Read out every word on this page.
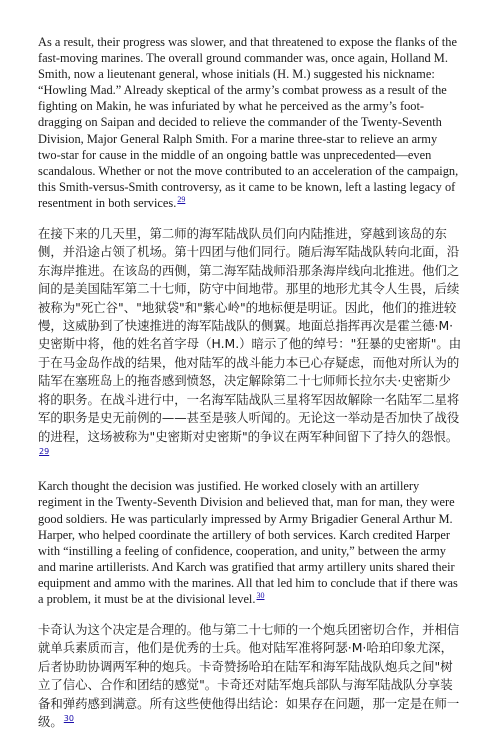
As a result, their progress was slower, and that threatened to expose the flanks of the fast-moving marines. The overall ground commander was, once again, Holland M. Smith, now a lieutenant general, whose initials (H. M.) suggested his nickname: “Howling Mad.” Already skeptical of the army’s combat prowess as a result of the fighting on Makin, he was infuriated by what he perceived as the army’s foot-dragging on Saipan and decided to relieve the commander of the Twenty-Seventh Division, Major General Ralph Smith. For a marine three-star to relieve an army two-star for cause in the middle of an ongoing battle was unprecedented—even scandalous. Whether or not the move contributed to an acceleration of the campaign, this Smith-versus-Smith controversy, as it came to be known, left a lasting legacy of resentment in both services.$^{29}$

在接下来的几天里，第二师的海军陆战队员们向内陆推进，穿越到该岛的东侧，并沿途占领了机场。第十四团与他们同行。随后海军陆战队转向北面，沿东海岸推进。在该岛的西侧，第二海军陆战师沿那条海岸线向北推进。他们之间的是美国陆军第二十七师，防守中间地带。那里的地形尤其令人生畏，后续被称为"死亡谷"、"地狱袋"和"紫心岭"的地标便是明证。因此，他们的推进较慢，这威胁到了快速推进的海军陆战队的侧翼。地面总指挥再次是霍兰德·M·史密斯中将，他的姓名首字母（H.M.）暗示了他的绰号："狂暴的史密斯"。由于在马金岛作战的结果，他对陆军的战斗能力本已心存疑虑，而他对所认为的陆军在塞班岛上的拖沓感到愤怒，决定解除第二十七师师长拉尔夫·史密斯少将的职务。在战斗进行中，一名海军陆战队三星将军因故解除一名陆军二星将军的职务是史无前例的——甚至是骇人听闻的。无论这一举动是否加快了战役的进程，这场被称为"史密斯对史密斯"的争议在两军种间留下了持久的怨恨。$^{29}$

Karch thought the decision was justified. He worked closely with an artillery regiment in the Twenty-Seventh Division and believed that, man for man, they were good soldiers. He was particularly impressed by Army Brigadier General Arthur M. Harper, who helped coordinate the artillery of both services. Karch credited Harper with “instilling a feeling of confidence, cooperation, and unity,” between the army and marine artillerists. And Karch was gratified that army artillery units shared their equipment and ammo with the marines. All that led him to conclude that if there was a problem, it must be at the divisional level.$^{30}$

卡奇认为这个决定是合理的。他与第二十七师的一个炮兵团密切合作，并相信就单兵素质而言，他们是优秀的士兵。他对陆军准将阿瑟·M·哈珀印象尤深，后者协助协调两军种的炮兵。卡奇赞扬哈珀在陆军和海军陆战队炮兵之间"树立了信心、合作和团结的感觉"。卡奇还对陆军炮兵部队与海军陆战队分享装备和弹药感到满意。所有这些使他得出结论：如果存在问题，那一定是在师一级。$^{30}$
